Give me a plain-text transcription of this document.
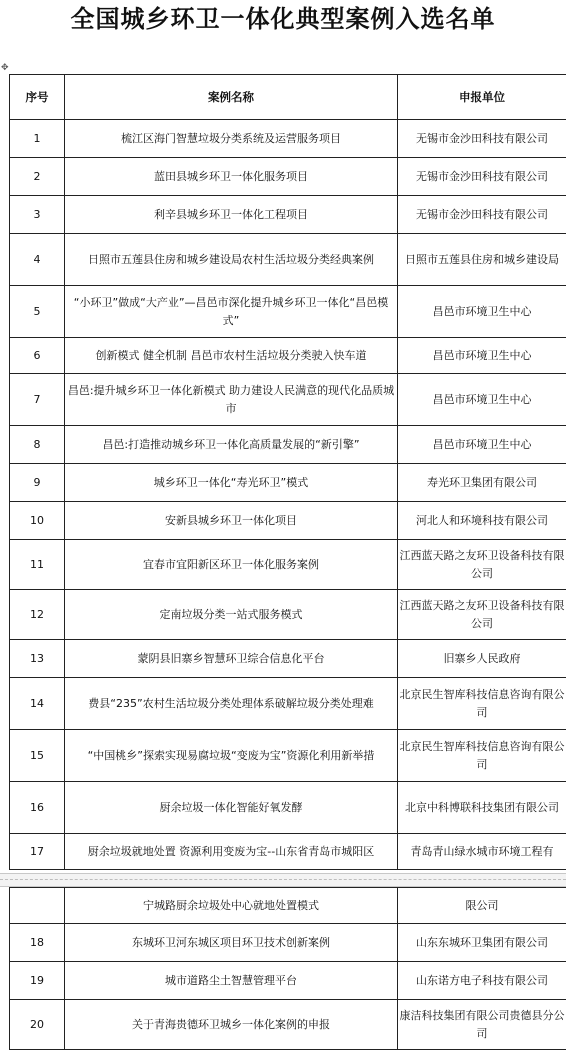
全国城乡环卫一体化典型案例入选名单
✥
序号	案例名称	申报单位
1	梳江区海门智慧垃圾分类系统及运营服务项目	无锡市金沙田科技有限公司
2	蓝田县城乡环卫一体化服务项目	无锡市金沙田科技有限公司
3	利辛县城乡环卫一体化工程项目	无锡市金沙田科技有限公司
4	日照市五莲县住房和城乡建设局农村生活垃圾分类经典案例	日照市五莲县住房和城乡建设局
5	“小环卫”做成“大产业”—昌邑市深化提升城乡环卫一体化“昌邑模式”	昌邑市环境卫生中心
6	创新模式 健全机制 昌邑市农村生活垃圾分类驶入快车道	昌邑市环境卫生中心
7	昌邑:提升城乡环卫一体化新模式 助力建设人民满意的现代化品质城市	昌邑市环境卫生中心
8	昌邑:打造推动城乡环卫一体化高质量发展的“新引擎”	昌邑市环境卫生中心
9	城乡环卫一体化“寿光环卫”模式	寿光环卫集团有限公司
10	安新县城乡环卫一体化项目	河北人和环境科技有限公司
11	宜春市宜阳新区环卫一体化服务案例	江西蓝天路之友环卫设备科技有限公司
12	定南垃圾分类一站式服务模式	江西蓝天路之友环卫设备科技有限公司
13	蒙阴县旧寨乡智慧环卫综合信息化平台	旧寨乡人民政府
14	费县“235”农村生活垃圾分类处理体系破解垃圾分类处理难	北京民生智库科技信息咨询有限公司
15	“中国桃乡”探索实现易腐垃圾“变废为宝”资源化利用新举措	北京民生智库科技信息咨询有限公司
16	厨余垃圾一体化智能好氧发酵	北京中科博联科技集团有限公司
17	厨余垃圾就地处置 资源利用变废为宝--山东省青岛市城阳区	青岛青山绿水城市环境工程有
	宁城路厨余垃圾处中心就地处置模式	限公司
18	东城环卫河东城区项目环卫技术创新案例	山东东城环卫集团有限公司
19	城市道路尘土智慧管理平台	山东诺方电子科技有限公司
20	关于青海贵德环卫城乡一体化案例的申报	康洁科技集团有限公司贵德县分公司
